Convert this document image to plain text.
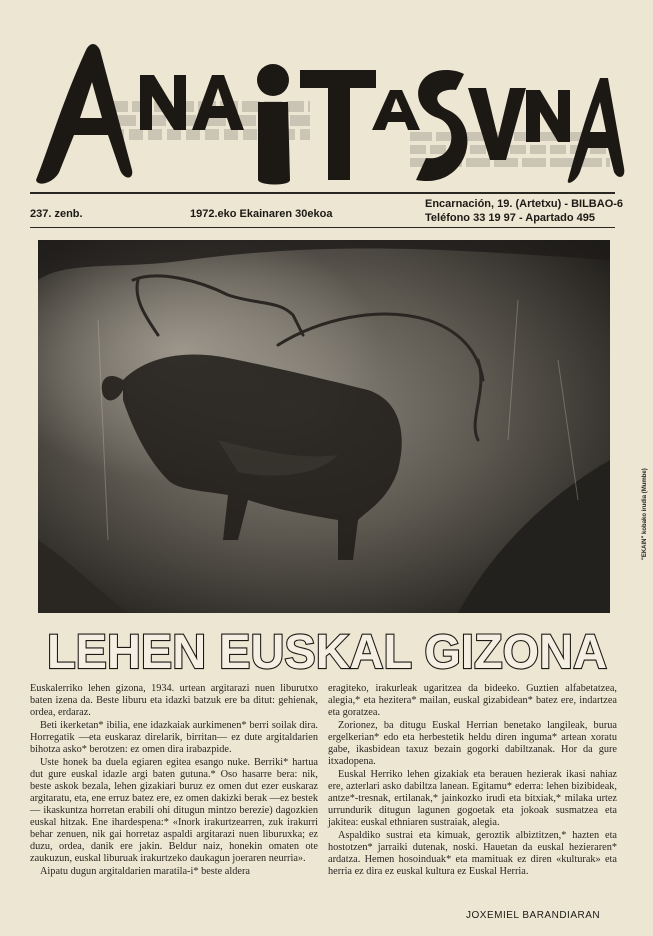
237. zenb.	1972.eko Ekainaren 30ekoa
Encarnación, 19. (Artetxu) - BILBAO-6
Teléfono 33 19 97 - Apartado 495
"EKAIN" kobako irudia (Mumbe)
LEHEN EUSKAL GIZONA

Euskalerriko lehen gizona, 1934. urtean argitarazi nuen liburutxo baten izena da. Beste liburu eta idazki batzuk ere ba ditut: gehienak, ordea, erdaraz.

Beti ikerketan* ibilia, ene idazkaiak aurkimenen* berri soilak dira. Horregatik —eta euskaraz direlarik, birritan— ez dute argitaldarien bihotza asko* berotzen: ez omen dira irabazpide.

Uste honek ba duela egiaren egitea esango nuke. Berriki* hartua dut gure euskal idazle argi baten gutuna.* Oso hasarre bera: nik, beste askok bezala, lehen gizakiari buruz ez omen dut ezer euskaraz argitaratu, eta, ene erruz batez ere, ez omen dakizki berak —ez bestek— ikaskuntza horretan erabili ohi ditugun mintzo berezie) dagozkien euskal hitzak. Ene ihardespena:* «Inork irakurtzearren, zuk irakurri behar zenuen, nik gai horretaz aspaldi argitarazi nuen liburuxka; ez duzu, ordea, danik ere jakin. Beldur naiz, honekin omaten ote zaukuzun, euskal liburuak irakurtzeko daukagun joeraren neurria».

Aipatu dugun argitaldarien maratila-i* beste aldera

eragiteko, irakurleak ugaritzea da bideeko. Guztien alfabetatzea, alegia,* eta hezitera* mailan, euskal gizabidean* batez ere, indartzea eta goratzea.

Zorionez, ba ditugu Euskal Herrian benetako langileak, burua ergelkerian* edo eta herbestetik heldu diren inguma* artean xoratu gabe, ikasbidean taxuz bezain gogorki dabiltzanak. Hor da gure itxadopena.

Euskal Herriko lehen gizakiak eta berauen hezierak ikasi nahiaz ere, azterlari asko dabiltza lanean. Egitamu* ederra: lehen bizibideak, antze*-tresnak, ertilanak,* jainkozko irudi eta bitxiak,* milaka urtez urrundurik ditugun lagunen gogoetak eta jokoak susmatzea eta jakitea: euskal ethniaren sustraiak, alegia.

Aspaldiko sustrai eta kimuak, geroztik albiztitzen,* hazten eta hostotzen* jarraiki dutenak, noski. Hauetan da euskal hezieraren* ardatza. Hemen hosoinduak* eta mamituak ez diren «kulturak» eta herria ez dira ez euskal kultura ez Euskal Herria.

JOXEMIEL BARANDIARAN
